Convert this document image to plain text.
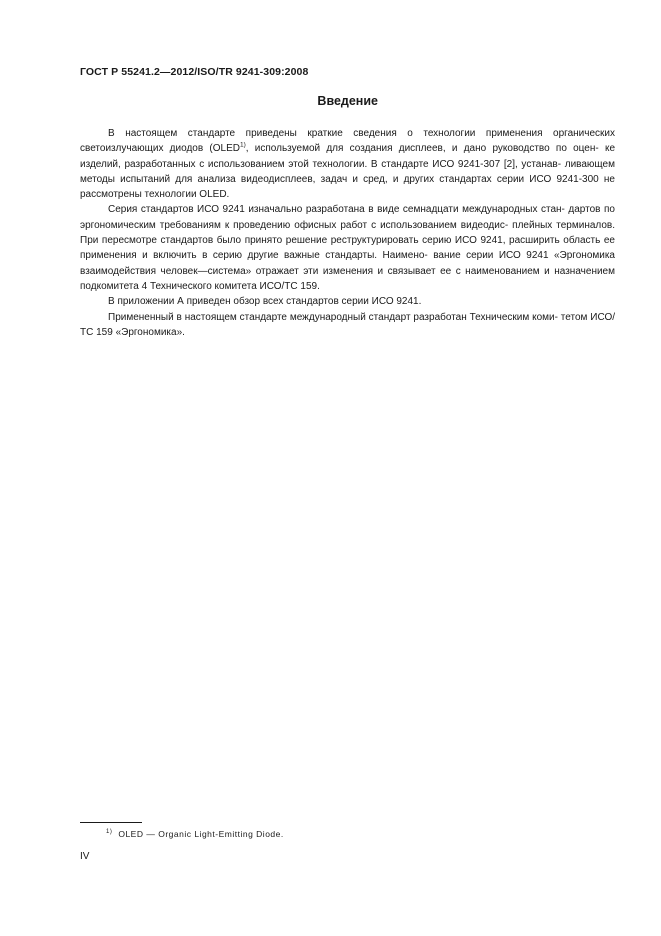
ГОСТ Р 55241.2—2012/ISO/TR 9241-309:2008
Введение

В настоящем стандарте приведены краткие сведения о технологии применения органических светоизлучающих диодов (OLED$^{1)}$, используемой для создания дисплеев, и дано руководство по оцен- ке изделий, разработанных с использованием этой технологии. В стандарте ИСО 9241-307 [2], устанав- ливающем методы испытаний для анализа видеодисплеев, задач и сред, и других стандартах серии ИСО 9241-300 не рассмотрены технологии OLED.

Серия стандартов ИСО 9241 изначально разработана в виде семнадцати международных стан- дартов по эргономическим требованиям к проведению офисных работ с использованием видеодис- плейных терминалов. При пересмотре стандартов было принято решение реструктурировать серию ИСО 9241, расширить область ее применения и включить в серию другие важные стандарты. Наимено- вание серии ИСО 9241 «Эргономика взаимодействия человек—система» отражает эти изменения и связывает ее с наименованием и назначением подкомитета 4 Технического комитета ИСО/ТС 159.

В приложении А приведен обзор всех стандартов серии ИСО 9241.

Примененный в настоящем стандарте международный стандарт разработан Техническим коми- тетом ИСО/ТС 159 «Эргономика».

$^{1)}$ OLED — Organic Light-Emitting Diode.
IV
